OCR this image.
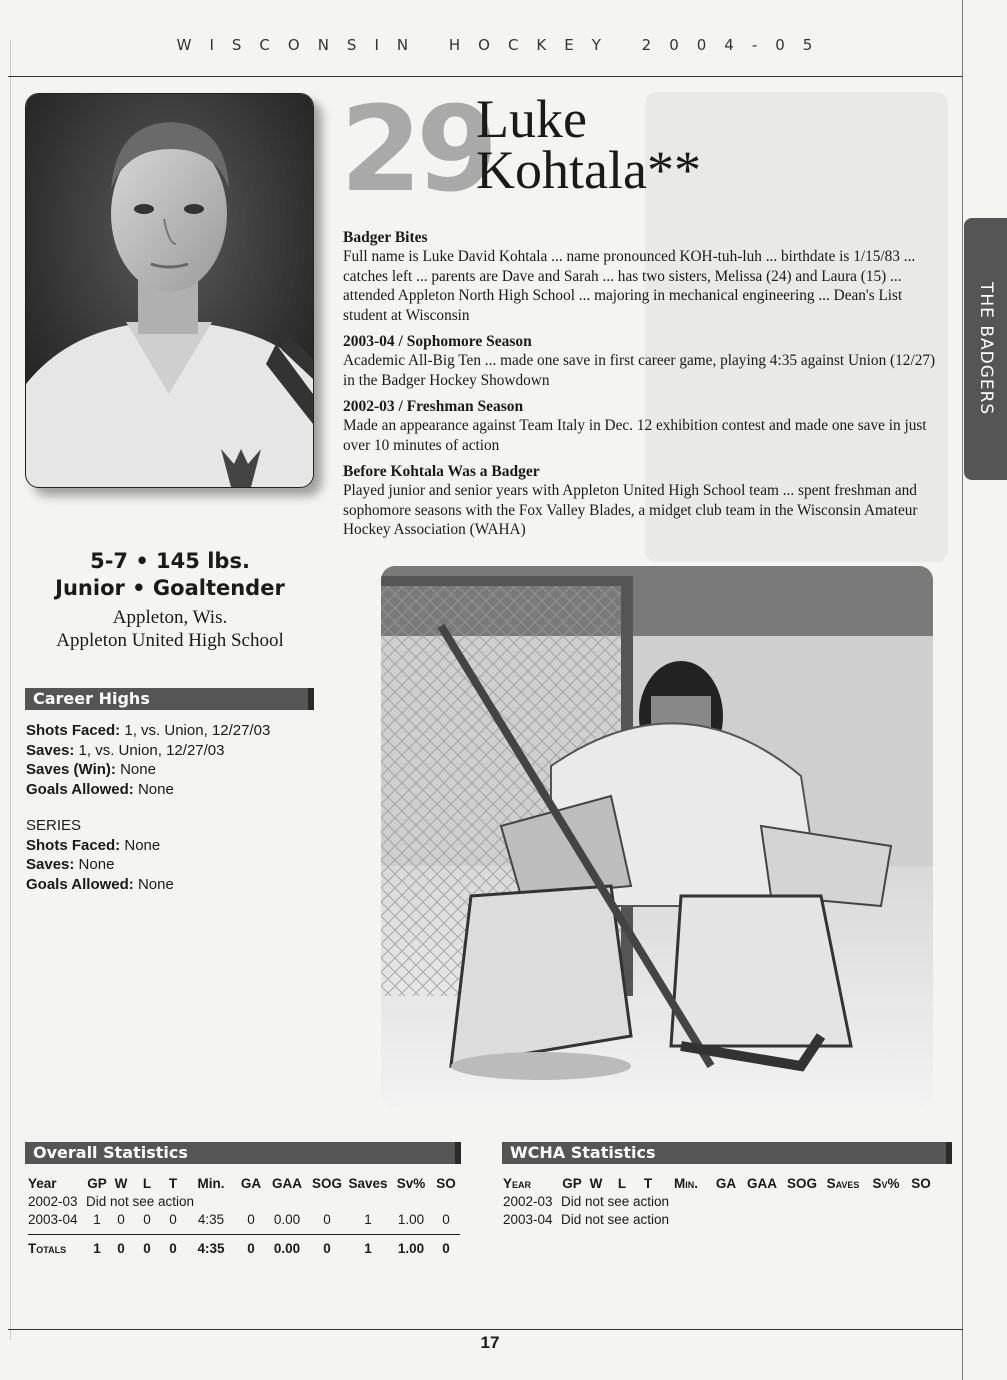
WISCONSIN HOCKEY 2004-05
THE BADGERS
29
Luke
Kohtala**
Badger Bites
Full name is Luke David Kohtala ... name pronounced KOH-tuh-luh ... birthdate is 1/15/83 ... catches left ... parents are Dave and Sarah ... has two sisters, Melissa (24) and Laura (15) ... attended Appleton North High School ... majoring in mechanical engineering ... Dean's List student at Wisconsin
2003-04 / Sophomore Season
Academic All-Big Ten ... made one save in first career game, playing 4:35 against Union (12/27) in the Badger Hockey Showdown
2002-03 / Freshman Season
Made an appearance against Team Italy in Dec. 12 exhibition contest and made one save in just over 10 minutes of action
Before Kohtala Was a Badger
Played junior and senior years with Appleton United High School team ... spent freshman and sophomore seasons with the Fox Valley Blades, a midget club team in the Wisconsin Amateur Hockey Association (WAHA)
5-7 • 145 lbs.
Junior • Goaltender
Appleton, Wis.
Appleton United High School
Career Highs
Shots Faced: 1, vs. Union, 12/27/03
Saves: 1, vs. Union, 12/27/03
Saves (Win): None
Goals Allowed: None
SERIES
Shots Faced: None
Saves: None
Goals Allowed: None
Overall Statistics
Year	GP	W	L	T	Min.	GA	GAA	SOG	Saves	Sv%	SO
2002-03	Did not see action										
2003-04	1	0	0	0	4:35	0	0.00	0	1	1.00	0

Totals	1	0	0	0	4:35	0	0.00	0	1	1.00	0
WCHA Statistics
Year	GP	W	L	T	Min.	GA	GAA	SOG	Saves	Sv%	SO
2002-03	Did not see action										
2003-04	Did not see action										
17
